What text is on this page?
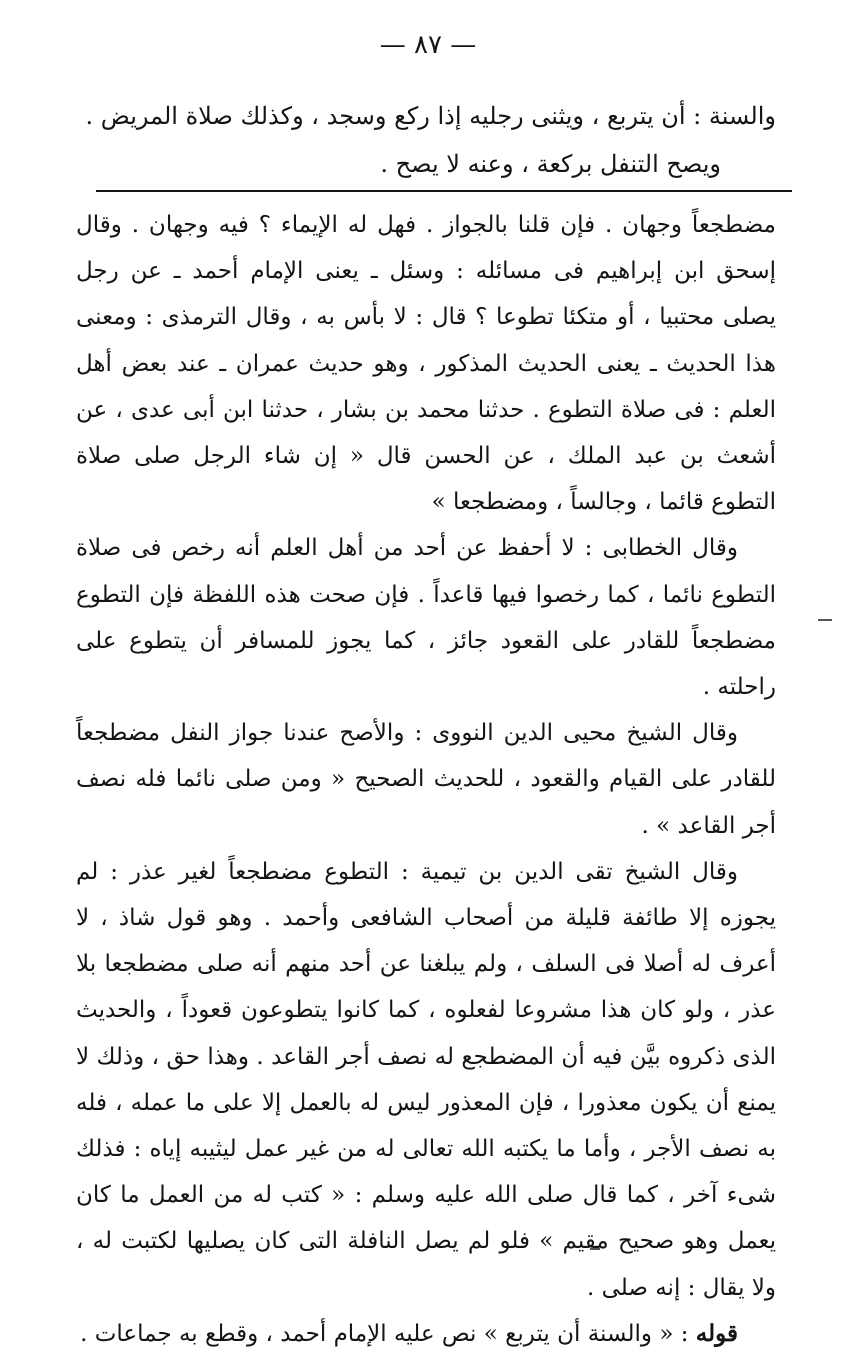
— ٨٧ —

والسنة : أن يتربع ، ويثنى رجليه إذا ركع وسجد ، وكذلك صلاة المريض .

ويصح التنفل بركعة ، وعنه لا يصح .

مضطجعاً وجهان . فإن قلنا بالجواز . فهل له الإيماء ؟ فيه وجهان . وقال إسحق ابن إبراهيم فى مسائله : وسئل ـ يعنى الإمام أحمد ـ عن رجل يصلى محتبيا ، أو متكئا تطوعا ؟ قال : لا بأس به ، وقال الترمذى : ومعنى هذا الحديث ـ يعنى الحديث المذكور ، وهو حديث عمران ـ عند بعض أهل العلم : فى صلاة التطوع . حدثنا محمد بن بشار ، حدثنا ابن أبى عدى ، عن أشعث بن عبد الملك ، عن الحسن قال « إن شاء الرجل صلى صلاة التطوع قائما ، وجالساً ، ومضطجعا »

وقال الخطابى : لا أحفظ عن أحد من أهل العلم أنه رخص فى صلاة التطوع نائما ، كما رخصوا فيها قاعداً . فإن صحت هذه اللفظة فإن التطوع مضطجعاً للقادر على القعود جائز ، كما يجوز للمسافر أن يتطوع على راحلته .

وقال الشيخ محيى الدين النووى : والأصح عندنا جواز النفل مضطجعاً للقادر على القيام والقعود ، للحديث الصحيح « ومن صلى نائما فله نصف أجر القاعد » .

وقال الشيخ تقى الدين بن تيمية : التطوع مضطجعاً لغير عذر : لم يجوزه إلا طائفة قليلة من أصحاب الشافعى وأحمد . وهو قول شاذ ، لا أعرف له أصلا فى السلف ، ولم يبلغنا عن أحد منهم أنه صلى مضطجعا بلا عذر ، ولو كان هذا مشروعا لفعلوه ، كما كانوا يتطوعون قعوداً ، والحديث الذى ذكروه بيَّن فيه أن المضطجع له نصف أجر القاعد . وهذا حق ، وذلك لا يمنع أن يكون معذورا ، فإن المعذور ليس له بالعمل إلا على ما عمله ، فله به نصف الأجر ، وأما ما يكتبه الله تعالى له من غير عمل ليثيبه إياه : فذلك شىء آخر ، كما قال صلى الله عليه وسلم : « كتب له من العمل ما كان يعمل وهو صحيح مقيم » فلو لم يصل النافلة التى كان يصليها لكتبت له ، ولا يقال : إنه صلى .

قوله : « والسنة أن يتربع » نص عليه الإمام أحمد ، وقطع به جماعات .
